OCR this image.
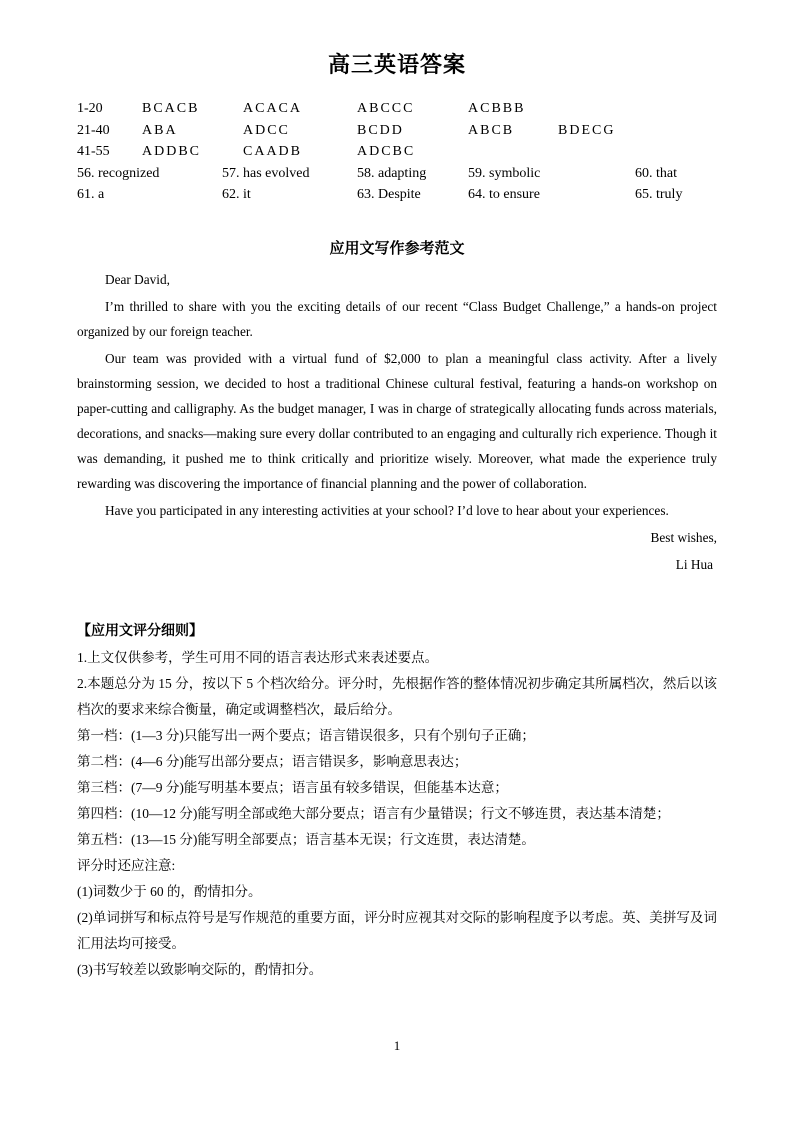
高三英语答案
1-20	BCACB	ACACA	ABCCC	ACBBB
21-40 ABA	ADCC	BCDD	ABCB	BDECG
41-55 ADDBC	CAADB	ADCBC
56. recognized	57. has evolved	58. adapting	59. symbolic	60. that
61. a	62. it	63. Despite	64. to ensure	65. truly
应用文写作参考范文

Dear David,

I’m thrilled to share with you the exciting details of our recent “Class Budget Challenge,” a hands-on project organized by our foreign teacher.

Our team was provided with a virtual fund of $2,000 to plan a meaningful class activity. After a lively brainstorming session, we decided to host a traditional Chinese cultural festival, featuring a hands-on workshop on paper-cutting and calligraphy. As the budget manager, I was in charge of strategically allocating funds across materials, decorations, and snacks—making sure every dollar contributed to an engaging and culturally rich experience. Though it was demanding, it pushed me to think critically and prioritize wisely. Moreover, what made the experience truly rewarding was discovering the importance of financial planning and the power of collaboration.

Have you participated in any interesting activities at your school? I’d love to hear about your experiences.

Best wishes,

Li Hua

【应用文评分细则】
1.上文仅供参考，学生可用不同的语言表达形式来表述要点。
2.本题总分为 15 分，按以下 5 个档次给分。评分时，先根据作答的整体情况初步确定其所属档次，然后以该档次的要求来综合衡量，确定或调整档次，最后给分。
第一档：(1—3 分)只能写出一两个要点；语言错误很多，只有个别句子正确；
第二档：(4—6 分)能写出部分要点；语言错误多，影响意思表达；
第三档：(7—9 分)能写明基本要点；语言虽有较多错误，但能基本达意；
第四档：(10—12 分)能写明全部或绝大部分要点；语言有少量错误；行文不够连贯，表达基本清楚；
第五档：(13—15 分)能写明全部要点；语言基本无误；行文连贯，表达清楚。
评分时还应注意:
(1)词数少于 60 的，酌情扣分。
(2)单词拼写和标点符号是写作规范的重要方面，评分时应视其对交际的影响程度予以考虑。英、美拼写及词汇用法均可接受。
(3)书写较差以致影响交际的，酌情扣分。
1
